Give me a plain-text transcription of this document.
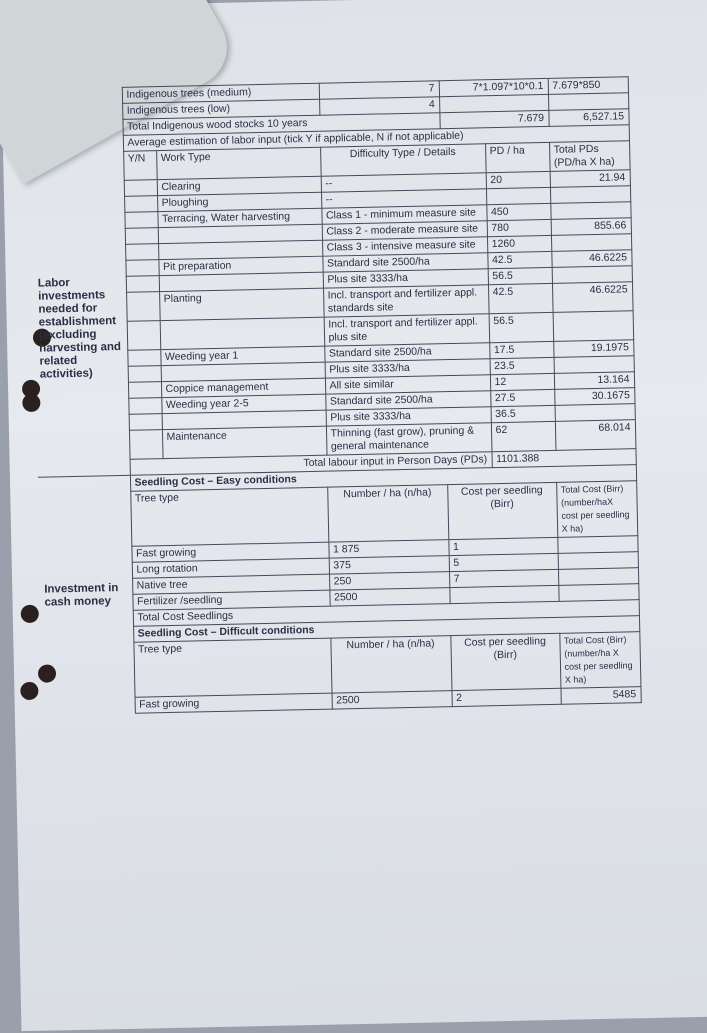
	Indigenous trees (medium)		7	7*1.097*10*0.1		7.679*850
	Indigenous trees (low)		4			
	Total Indigenous wood stocks 10 years			7.679		6,527.15
	Average estimation of labor input (tick Y if applicable, N if not applicable)					
	Y/N	Work Type	Difficulty Type / Details		PD / ha	Total PDs (PD/ha X ha)
Labor investments needed for establishment (excluding harvesting and related activities)		Clearing	--		20	21.94
		Ploughing	--			
		Terracing, Water harvesting	Class 1 - minimum measure site		450	
			Class 2 - moderate measure site		780	855.66
			Class 3 - intensive measure site		1260	
		Pit preparation	Standard site 2500/ha		42.5	46.6225
			Plus site 3333/ha		56.5	
		Planting	Incl. transport and fertilizer appl. standards site		42.5	46.6225
			Incl. transport and fertilizer appl. plus site		56.5	
		Weeding year 1	Standard site 2500/ha		17.5	19.1975
			Plus site 3333/ha		23.5	
		Coppice management	All site similar		12	13.164
		Weeding year 2-5	Standard site 2500/ha		27.5	30.1675
			Plus site 3333/ha		36.5	
		Maintenance	Thinning (fast grow), pruning & general maintenance		62	68.014
	Total labour input in Person Days (PDs)				1101.388	
Investment in cash money	Seedling Cost – Easy conditions					
	Tree type		Number / ha (n/ha)	Cost per seedling (Birr)		Total Cost (Birr) (number/haX cost per seedling X ha)
	Fast growing		1 875	1		
	Long rotation		375	5		
	Native tree		250	7		
	Fertilizer /seedling		2500			
	Total Cost Seedlings					
	Seedling Cost – Difficult conditions					
	Tree type		Number / ha (n/ha)	Cost per seedling (Birr)		Total Cost (Birr) (number/ha X cost per seedling X ha)
	Fast growing		2500	2		5485
